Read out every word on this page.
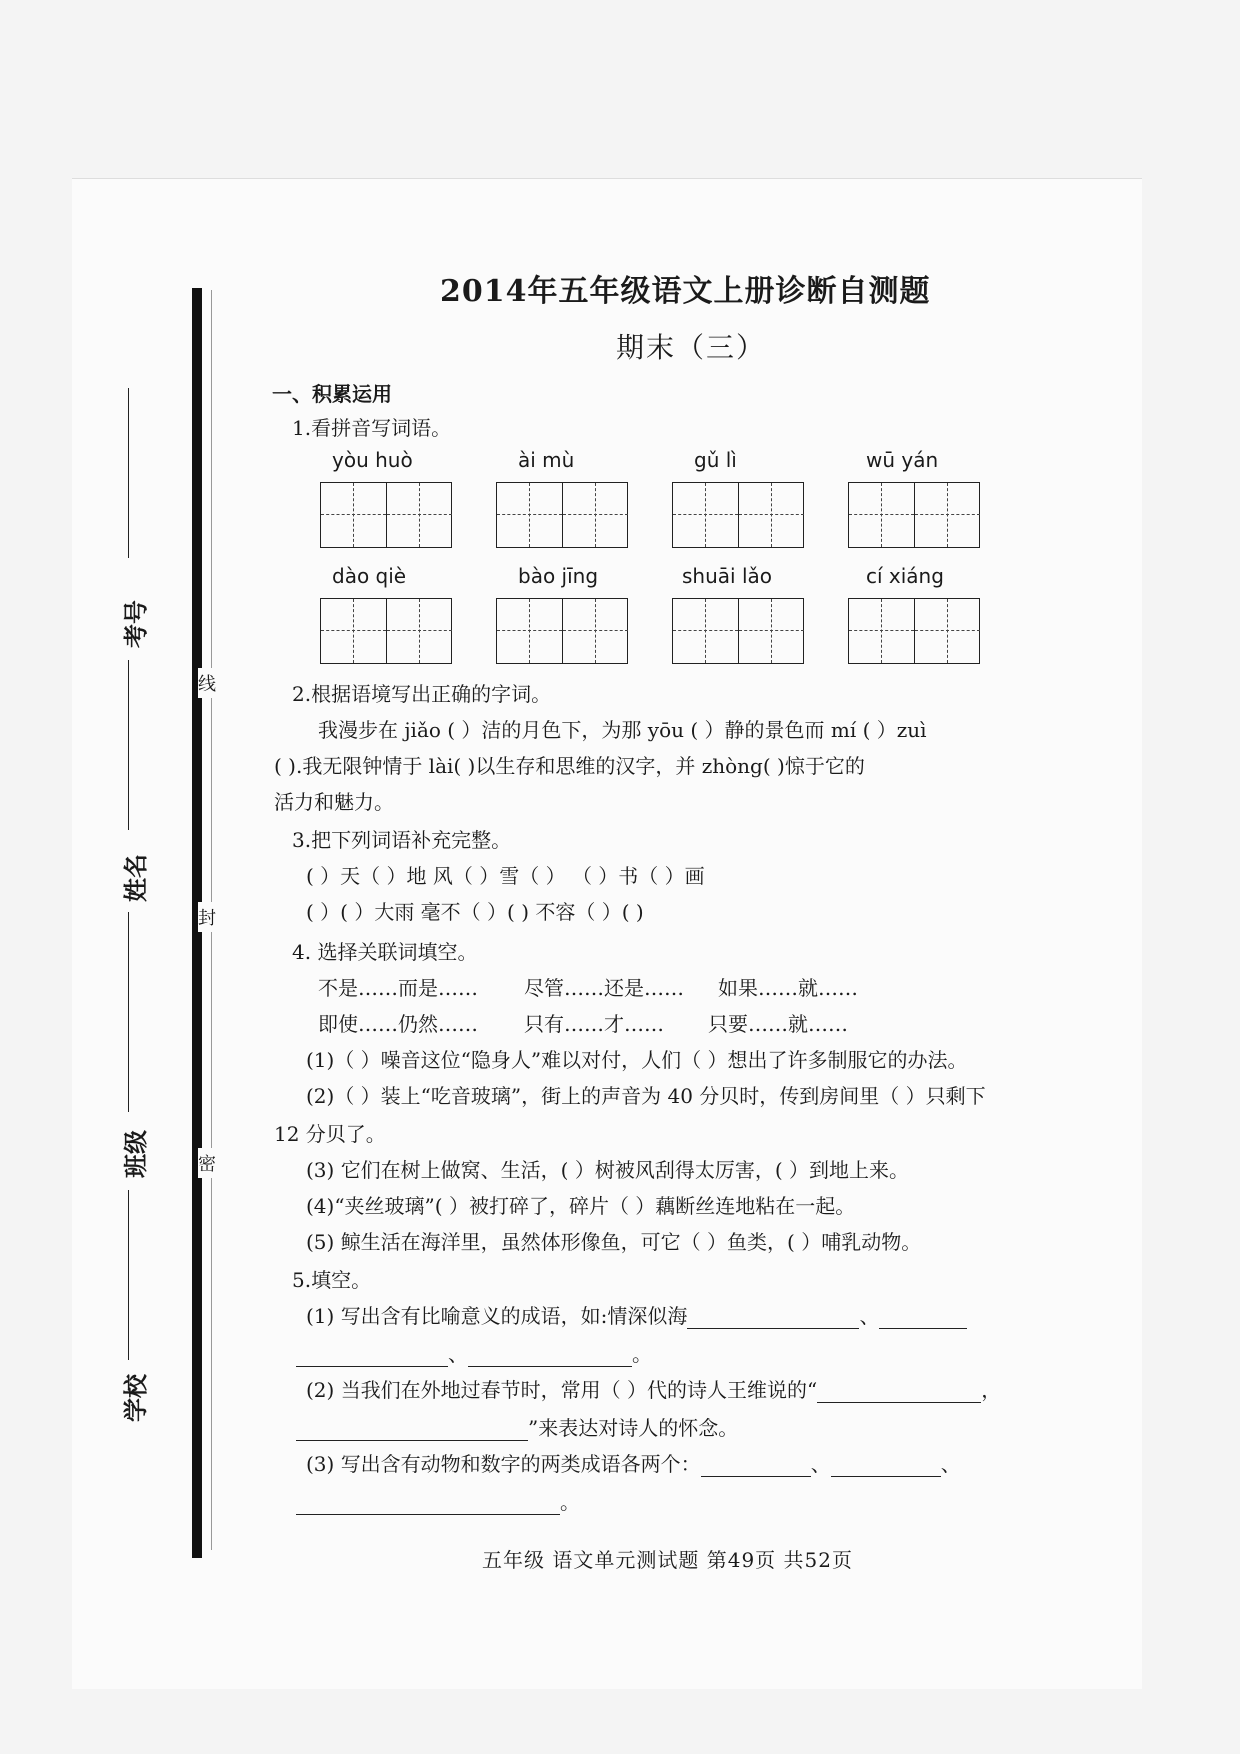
考号
姓名
班级
学校
线
封
密
2014年五年级语文上册诊断自测题
期末（三）
一、积累运用
1.看拼音写词语。
yòu huò	ài mù	gǔ lì	wū yán
dào qiè	bào jīng	shuāi lǎo	cí xiáng
2.根据语境写出正确的字词。
我漫步在 jiǎo ( ）洁的月色下，为那 yōu ( ）静的景色而 mí ( ）zuì
( ).我无限钟情于 lài( )以生存和思维的汉字，并 zhòng( )惊于它的
活力和魅力。
3.把下列词语补充完整。
( ）天（ ）地 风（ ）雪（ ） （ ）书（ ）画
( ）( ）大雨 毫不（ ）( ) 不容（ ）( )
4. 选择关联词填空。
不是……而是…… 尽管……还是…… 如果……就……
即使……仍然…… 只有……才…… 只要……就……
(1)（ ）噪音这位“隐身人”难以对付，人们（ ）想出了许多制服它的办法。
(2)（ ）装上“吃音玻璃”，街上的声音为 40 分贝时，传到房间里（ ）只剩下
12 分贝了。
(3) 它们在树上做窝、生活，( ）树被风刮得太厉害，( ）到地上来。
(4)“夹丝玻璃”( ）被打碎了，碎片（ ）藕断丝连地粘在一起。
(5) 鲸生活在海洋里，虽然体形像鱼，可它（ ）鱼类，( ）哺乳动物。
5.填空。
(1) 写出含有比喻意义的成语，如:情深似海	、
、	。
(2) 当我们在外地过春节时，常用（ ）代的诗人王维说的“	，
”来表达对诗人的怀念。
(3) 写出含有动物和数字的两类成语各两个：	、	、
。
五年级 语文单元测试题 第49页 共52页
